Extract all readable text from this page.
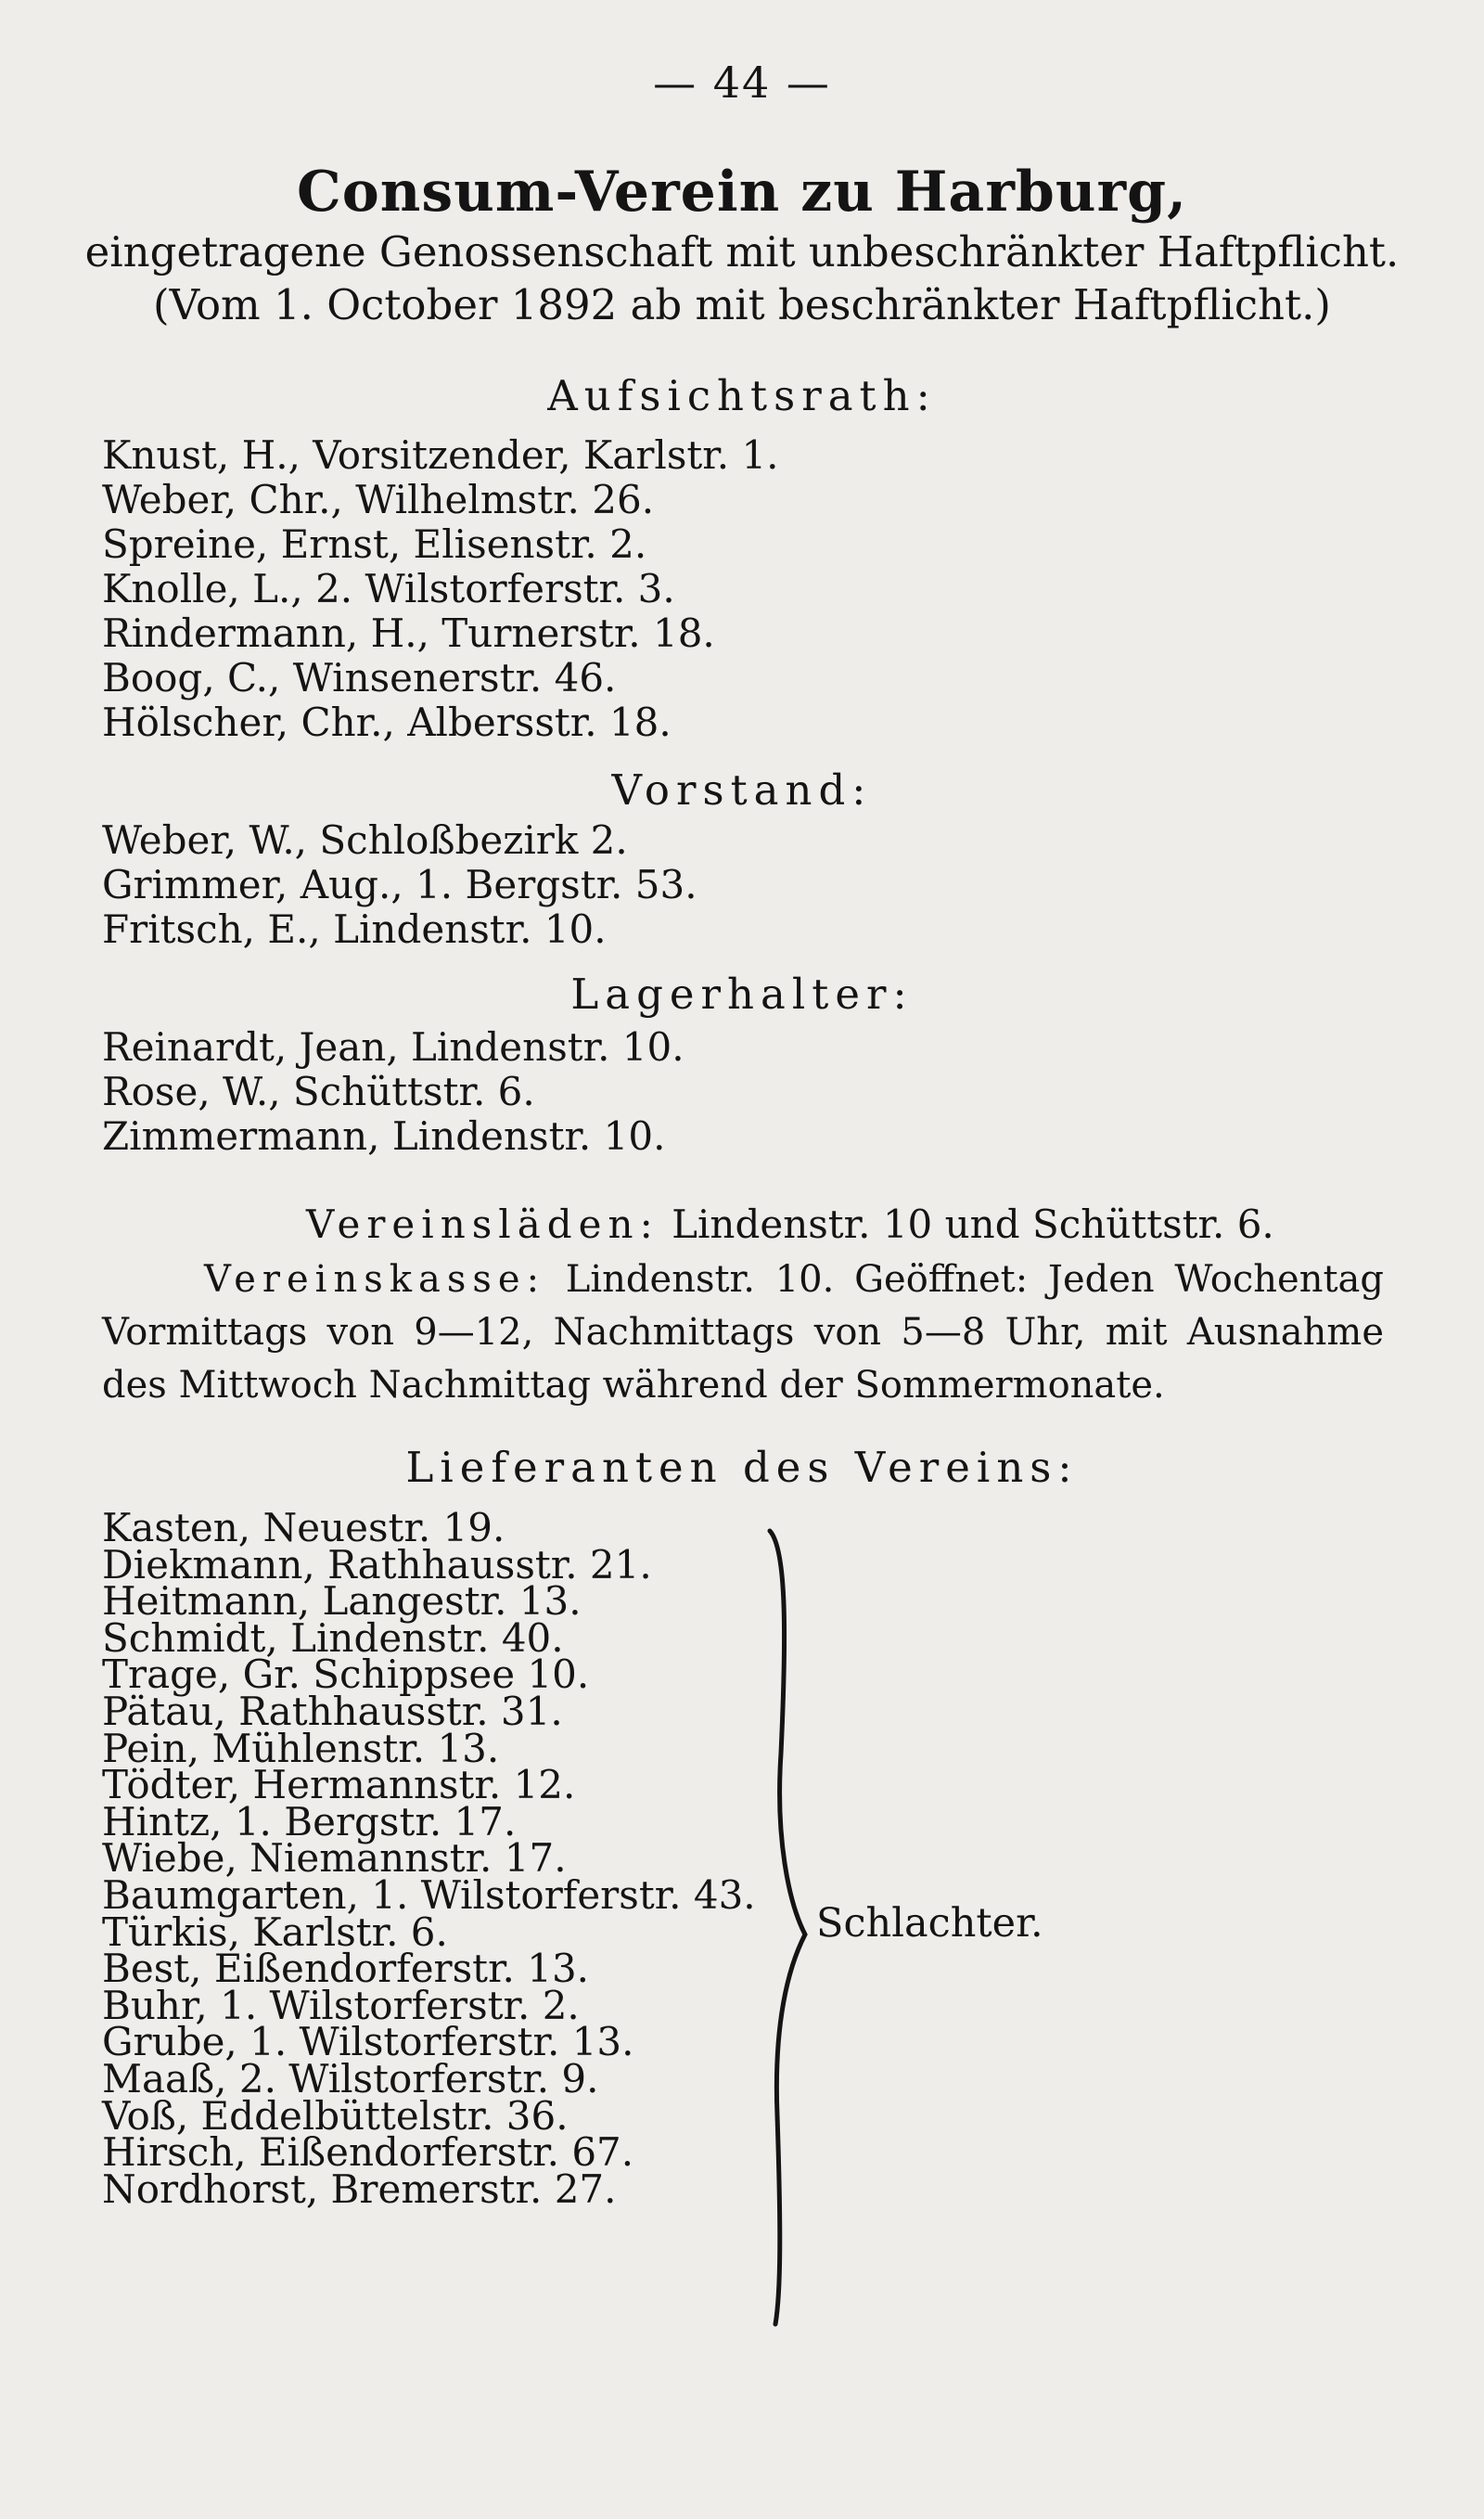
— 44 —
Consum-Verein zu Harburg,
eingetragene Genossenschaft mit unbeschränkter Haftpflicht.
(Vom 1. October 1892 ab mit beschränkter Haftpflicht.)
Aufsichtsrath:
Knust, H., Vorsitzender, Karlstr. 1.
Weber, Chr., Wilhelmstr. 26.
Spreine, Ernst, Elisenstr. 2.
Knolle, L., 2. Wilstorferstr. 3.
Rindermann, H., Turnerstr. 18.
Boog, C., Winsenerstr. 46.
Hölscher, Chr., Albersstr. 18.
Vorstand:
Weber, W., Schloßbezirk 2.
Grimmer, Aug., 1. Bergstr. 53.
Fritsch, E., Lindenstr. 10.
Lagerhalter:
Reinardt, Jean, Lindenstr. 10.
Rose, W., Schüttstr. 6.
Zimmermann, Lindenstr. 10.
Vereinsläden: Lindenstr. 10 und Schüttstr. 6.

Vereinskasse: Lindenstr. 10. Geöffnet: Jeden Wochentag Vormittags von 9—12, Nachmittags von 5—8 Uhr, mit Ausnahme des Mittwoch Nachmittag während der Sommermonate.

Lieferanten des Vereins:
Kasten, Neuestr. 19.
Diekmann, Rathhausstr. 21.
Heitmann, Langestr. 13.
Schmidt, Lindenstr. 40.
Trage, Gr. Schippsee 10.
Pätau, Rathhausstr. 31.
Pein, Mühlenstr. 13.
Tödter, Hermannstr. 12.
Hintz, 1. Bergstr. 17.
Wiebe, Niemannstr. 17.
Baumgarten, 1. Wilstorferstr. 43.
Türkis, Karlstr. 6.
Best, Eißendorferstr. 13.
Buhr, 1. Wilstorferstr. 2.
Grube, 1. Wilstorferstr. 13.
Maaß, 2. Wilstorferstr. 9.
Voß, Eddelbüttelstr. 36.
Hirsch, Eißendorferstr. 67.
Nordhorst, Bremerstr. 27.
Schlachter.
